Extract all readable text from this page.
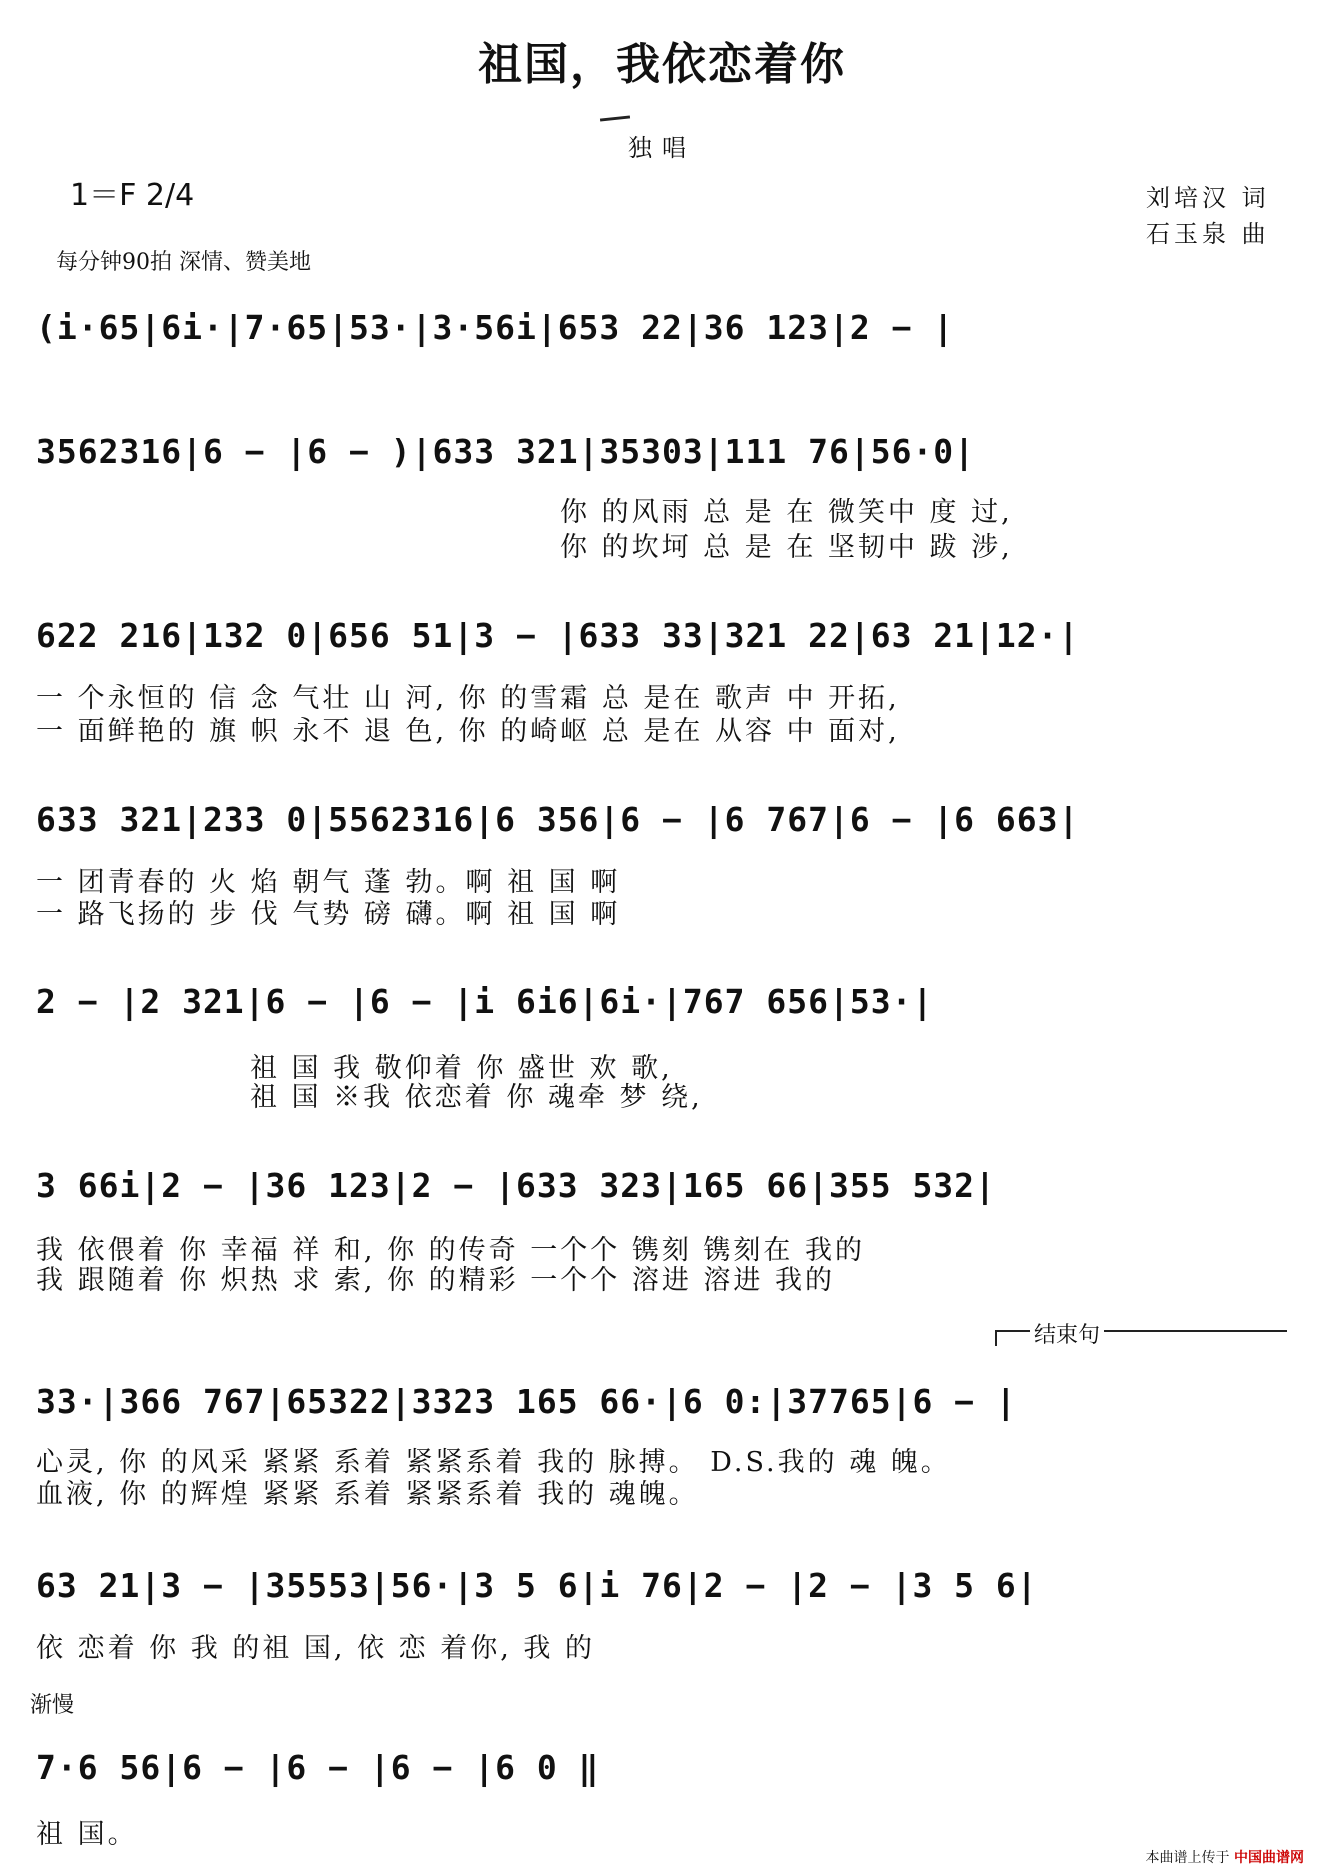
祖国，我依恋着你
独唱
1＝F 2/4	刘培汉 词
石玉泉 曲
每分钟90拍 深情、赞美地
(i·65|6i·|7·65|53·|3·56i|653 22|36 123|2 − |
3562316|6 − |6 − )|633 321|35303|111 76|56·0|
你 的风雨 总 是 在 微笑中 度 过,
你 的坎坷 总 是 在 坚韧中 跋 涉,
622 216|132 0|656 51|3 − |633 33|321 22|63 21|12·|
一 个永恒的 信 念 气壮 山 河, 你 的雪霜 总 是在 歌声 中 开拓,
一 面鲜艳的 旗 帜 永不 退 色, 你 的崎岖 总 是在 从容 中 面对,
633 321|233 0|5562316|6 356|6 − |6 767|6 − |6 663|
一 团青春的 火 焰 朝气 蓬 勃。啊 祖 国 啊
一 路飞扬的 步 伐 气势 磅 礴。啊 祖 国 啊
2 − |2 321|6 − |6 − |i 6i6|6i·|767 656|53·|
祖 国 我 敬仰着 你 盛世 欢 歌,
祖 国 ※我 依恋着 你 魂牵 梦 绕,
3 66i|2 − |36 123|2 − |633 323|165 66|355 532|
我 依偎着 你 幸福 祥 和, 你 的传奇 一个个 镌刻 镌刻在 我的
我 跟随着 你 炽热 求 索, 你 的精彩 一个个 溶进 溶进 我的
结束句
33·|366 767|65322|3323 165 66·|6 0:|37765|6 − |
心灵, 你 的风采 紧紧 系着 紧紧系着 我的 脉搏。 D.S.我的 魂 魄。
血液, 你 的辉煌 紧紧 系着 紧紧系着 我的 魂魄。
63 21|3 − |35553|56·|3 5 6|i 76|2 − |2 − |3 5 6|
依 恋着 你 我 的祖 国, 依 恋 着你, 我 的
渐慢
7·6 56|6 − |6 − |6 − |6 0 ‖
祖 国。
本曲谱上传于 中国曲谱网
